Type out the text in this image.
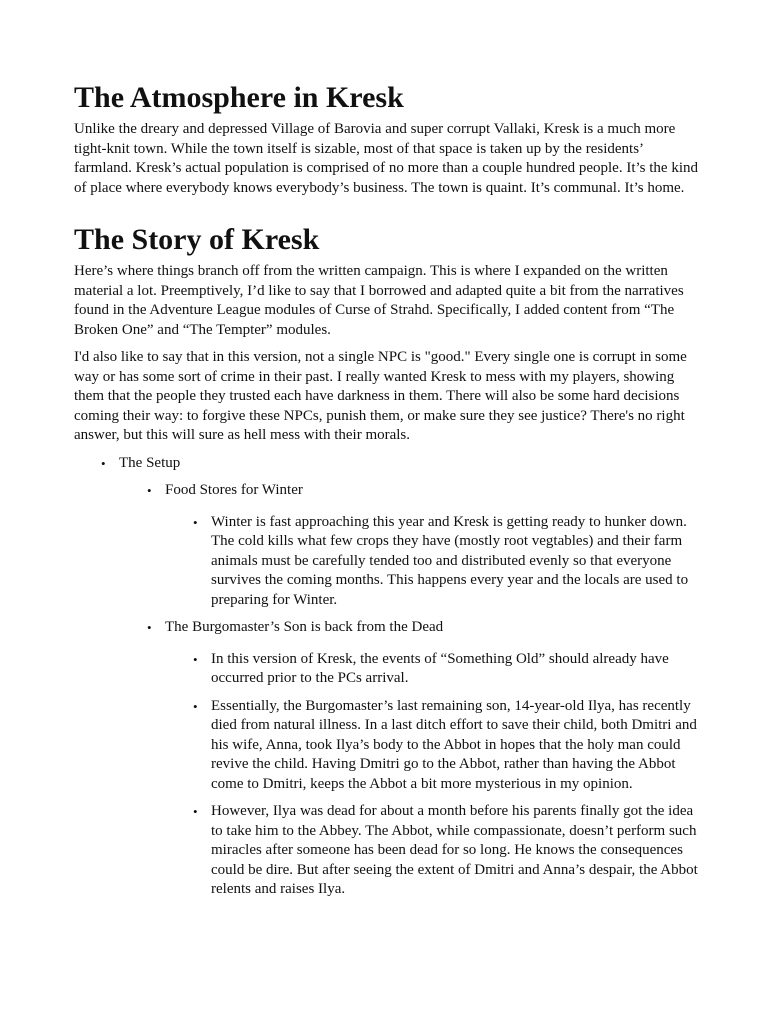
The Atmosphere in Kresk

Unlike the dreary and depressed Village of Barovia and super corrupt Vallaki, Kresk is a much more tight-knit town. While the town itself is sizable, most of that space is taken up by the residents’ farmland. Kresk’s actual population is comprised of no more than a couple hundred people. It’s the kind of place where everybody knows everybody’s business. The town is quaint. It’s communal. It’s home.

The Story of Kresk

Here’s where things branch off from the written campaign. This is where I expanded on the written material a lot. Preemptively, I’d like to say that I borrowed and adapted quite a bit from the narratives found in the Adventure League modules of Curse of Strahd. Specifically, I added content from “The Broken One” and “The Tempter” modules.

I'd also like to say that in this version, not a single NPC is "good." Every single one is corrupt in some way or has some sort of crime in their past. I really wanted Kresk to mess with my players, showing them that the people they trusted each have darkness in them. There will also be some hard decisions coming their way: to forgive these NPCs, punish them, or make sure they see justice? There's no right answer, but this will sure as hell mess with their morals.

• The Setup
• Food Stores for Winter
• Winter is fast approaching this year and Kresk is getting ready to hunker down. The cold kills what few crops they have (mostly root vegtables) and their farm animals must be carefully tended too and distributed evenly so that everyone survives the coming months. This happens every year and the locals are used to preparing for Winter.
• The Burgomaster’s Son is back from the Dead
• In this version of Kresk, the events of “Something Old” should already have occurred prior to the PCs arrival.
• Essentially, the Burgomaster’s last remaining son, 14-year-old Ilya, has recently died from natural illness. In a last ditch effort to save their child, both Dmitri and his wife, Anna, took Ilya’s body to the Abbot in hopes that the holy man could revive the child. Having Dmitri go to the Abbot, rather than having the Abbot come to Dmitri, keeps the Abbot a bit more mysterious in my opinion.
• However, Ilya was dead for about a month before his parents finally got the idea to take him to the Abbey. The Abbot, while compassionate, doesn’t perform such miracles after someone has been dead for so long. He knows the consequences could be dire. But after seeing the extent of Dmitri and Anna’s despair, the Abbot relents and raises Ilya.
